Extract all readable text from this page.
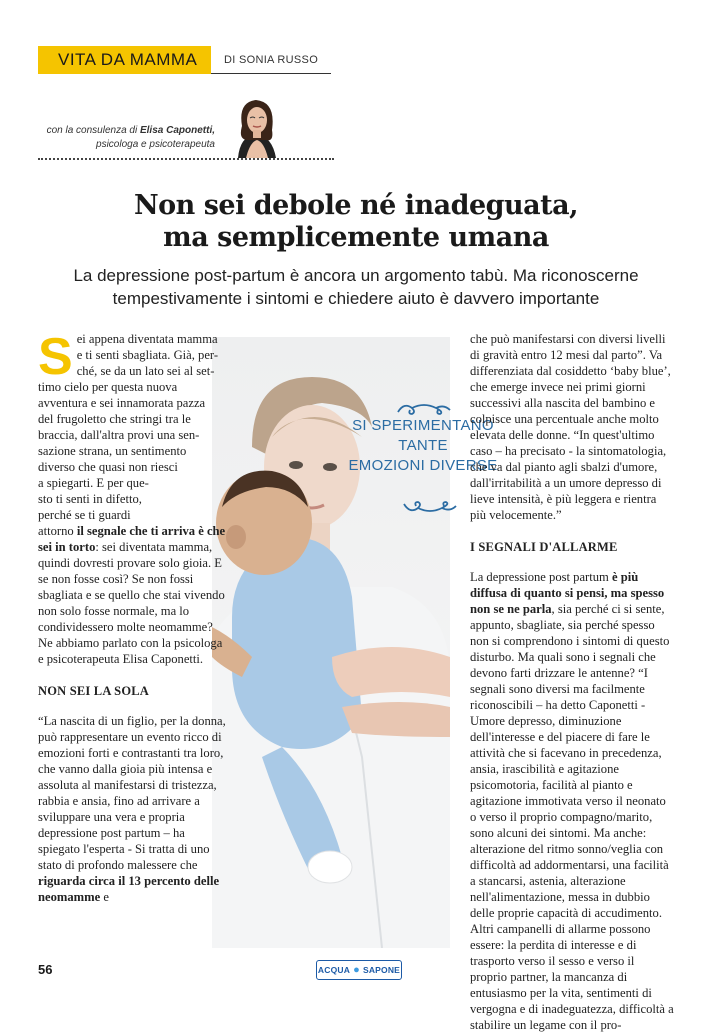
VITA DA MAMMA DI SONIA RUSSO
con la consulenza di Elisa Caponetti,
psicologa e psicoterapeuta
Non sei debole né inadeguata,
ma semplicemente umana
La depressione post-partum è ancora un argomento tabù. Ma riconoscerne
tempestivamente i sintomi e chiedere aiuto è davvero importante

S ei appena diventata mamma
e ti senti sbagliata. Già, per-
ché, se da un lato sei al set-
timo cielo per questa nuova
avventura e sei innamorata pazza
del frugoletto che stringi tra le
braccia, dall'altra provi una sen-
sazione strana, un sentimento
diverso che quasi non riesci
a spiegarti. E per que-
sto ti senti in difetto,
perché se ti guardi
attorno il segnale che ti arriva è che sei in torto: sei diventata mamma, quindi dovresti provare solo gioia. E se non fosse così? Se non fossi sbagliata e se quello che stai vivendo non solo fosse normale, ma lo condividessero molte neomamme? Ne abbiamo parlato con la psicologa e psicoterapeuta Elisa Caponetti.

NON SEI LA SOLA

“La nascita di un figlio, per la donna, può rappresentare un evento ricco di emozioni forti e contrastanti tra loro, che vanno dalla gioia più intensa e assoluta al manifestarsi di tristezza, rabbia e ansia, fino ad arrivare a sviluppare una vera e propria depressione post partum – ha spiegato l'esperta - Si tratta di uno stato di profondo malessere che riguarda circa il 13 percento delle neomamme e

SI SPERIMENTANO TANTE
EMOZIONI DIVERSE

che può manifestarsi con diversi livelli di gravità entro 12 mesi dal parto”. Va differenziata dal cosiddetto ‘baby blue’, che emerge invece nei primi giorni successivi alla nascita del bambino e colpisce una percentuale anche molto elevata delle donne. “In quest'ultimo caso – ha precisato - la sintomatologia, che va dal pianto agli sbalzi d'umore, dall'irritabilità a un umore depresso di lieve intensità, è più leggera e rientra più velocemente.”

I SEGNALI D'ALLARME

La depressione post partum è più diffusa di quanto si pensi, ma spesso non se ne parla, sia perché ci si sente, appunto, sbagliate, sia perché spesso non si comprendono i sintomi di questo disturbo. Ma quali sono i segnali che devono farti drizzare le antenne? “I segnali sono diversi ma facilmente riconoscibili – ha detto Caponetti - Umore depresso, diminuzione dell'interesse e del piacere di fare le attività che si facevano in precedenza, ansia, irascibilità e agitazione psicomotoria, facilità al pianto e agitazione immotivata verso il neonato o verso il proprio compagno/marito, sono alcuni dei sintomi. Ma anche: alterazione del ritmo sonno/veglia con difficoltà ad addormentarsi, una facilità a stancarsi, astenia, alterazione nell'alimentazione, messa in dubbio delle proprie capacità di accudimento. Altri campanelli di allarme possono essere: la perdita di interesse e di trasporto verso il sesso e verso il proprio partner, la mancanza di entusiasmo per la vita, sentimenti di vergogna e di inadeguatezza, difficoltà a stabilire un legame con il pro-

56	ACQUA ● SAPONE
